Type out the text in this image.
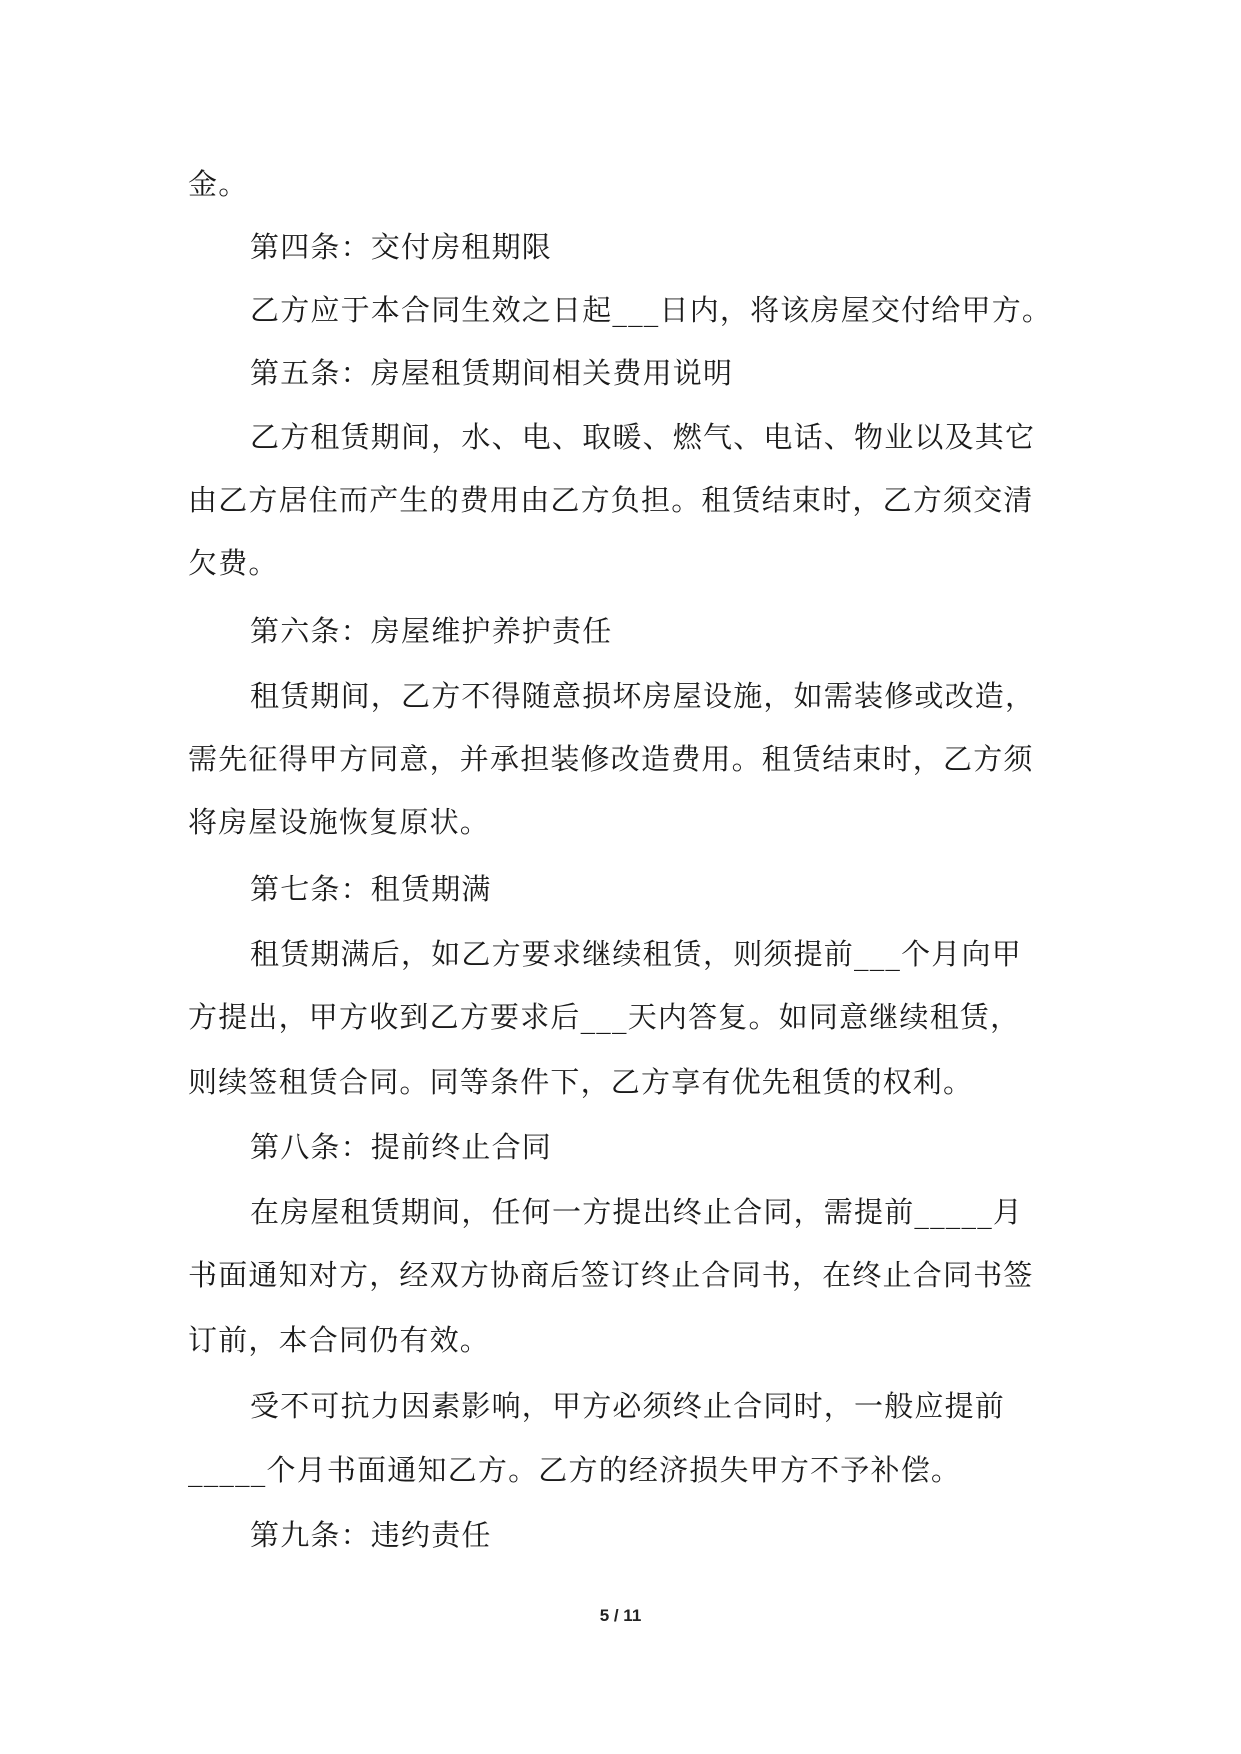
金。
第四条：交付房租期限
乙方应于本合同生效之日起___日内，将该房屋交付给甲方。
第五条：房屋租赁期间相关费用说明
乙方租赁期间，水、电、取暖、燃气、电话、物业以及其它
由乙方居住而产生的费用由乙方负担。租赁结束时，乙方须交清
欠费。
第六条：房屋维护养护责任
租赁期间，乙方不得随意损坏房屋设施，如需装修或改造，
需先征得甲方同意，并承担装修改造费用。租赁结束时，乙方须
将房屋设施恢复原状。
第七条：租赁期满
租赁期满后，如乙方要求继续租赁，则须提前___个月向甲
方提出，甲方收到乙方要求后___天内答复。如同意继续租赁，
则续签租赁合同。同等条件下，乙方享有优先租赁的权利。
第八条：提前终止合同
在房屋租赁期间，任何一方提出终止合同，需提前_____月
书面通知对方，经双方协商后签订终止合同书，在终止合同书签
订前，本合同仍有效。
受不可抗力因素影响，甲方必须终止合同时，一般应提前
_____个月书面通知乙方。乙方的经济损失甲方不予补偿。
第九条：违约责任
5 / 11
